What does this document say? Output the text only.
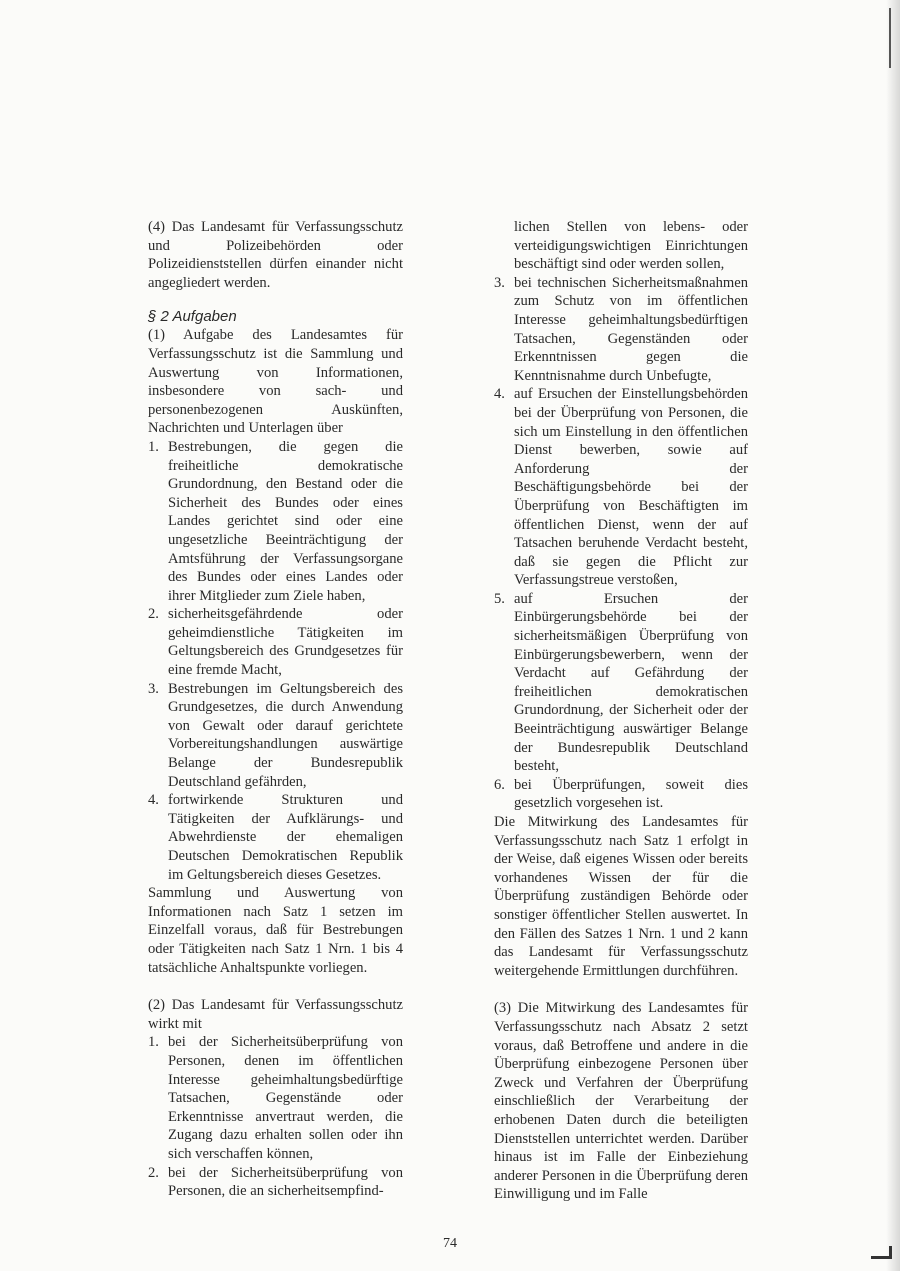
(4) Das Landesamt für Verfassungsschutz und Polizeibehörden oder Polizeidienststellen dürfen einander nicht angegliedert werden.

§ 2 Aufgaben

(1) Aufgabe des Landesamtes für Verfassungsschutz ist die Sammlung und Auswertung von Informationen, insbesondere von sach- und personenbezogenen Auskünften, Nachrichten und Unterlagen über

1. Bestrebungen, die gegen die freiheitliche demokratische Grundordnung, den Bestand oder die Sicherheit des Bundes oder eines Landes gerichtet sind oder eine ungesetzliche Beeinträchtigung der Amtsführung der Verfassungsorgane des Bundes oder eines Landes oder ihrer Mitglieder zum Ziele haben,
2. sicherheitsgefährdende oder geheimdienstliche Tätigkeiten im Geltungsbereich des Grundgesetzes für eine fremde Macht,
3. Bestrebungen im Geltungsbereich des Grundgesetzes, die durch Anwendung von Gewalt oder darauf gerichtete Vorbereitungshandlungen auswärtige Belange der Bundesrepublik Deutschland gefährden,
4. fortwirkende Strukturen und Tätigkeiten der Aufklärungs- und Abwehrdienste der ehemaligen Deutschen Demokratischen Republik im Geltungsbereich dieses Gesetzes.

Sammlung und Auswertung von Informationen nach Satz 1 setzen im Einzelfall voraus, daß für Bestrebungen oder Tätigkeiten nach Satz 1 Nrn. 1 bis 4 tatsächliche Anhaltspunkte vorliegen.

(2) Das Landesamt für Verfassungsschutz wirkt mit

1. bei der Sicherheitsüberprüfung von Personen, denen im öffentlichen Interesse geheimhaltungsbedürftige Tatsachen, Gegenstände oder Erkenntnisse anvertraut werden, die Zugang dazu erhalten sollen oder ihn sich verschaffen können,
2. bei der Sicherheitsüberprüfung von Personen, die an sicherheitsempfind-

lichen Stellen von lebens- oder verteidigungswichtigen Einrichtungen beschäftigt sind oder werden sollen,

3. bei technischen Sicherheitsmaßnahmen zum Schutz von im öffentlichen Interesse geheimhaltungsbedürftigen Tatsachen, Gegenständen oder Erkenntnissen gegen die Kenntnisnahme durch Unbefugte,
4. auf Ersuchen der Einstellungsbehörden bei der Überprüfung von Personen, die sich um Einstellung in den öffentlichen Dienst bewerben, sowie auf Anforderung der Beschäftigungsbehörde bei der Überprüfung von Beschäftigten im öffentlichen Dienst, wenn der auf Tatsachen beruhende Verdacht besteht, daß sie gegen die Pflicht zur Verfassungstreue verstoßen,
5. auf Ersuchen der Einbürgerungsbehörde bei der sicherheitsmäßigen Überprüfung von Einbürgerungsbewerbern, wenn der Verdacht auf Gefährdung der freiheitlichen demokratischen Grundordnung, der Sicherheit oder der Beeinträchtigung auswärtiger Belange der Bundesrepublik Deutschland besteht,
6. bei Überprüfungen, soweit dies gesetzlich vorgesehen ist.

Die Mitwirkung des Landesamtes für Verfassungsschutz nach Satz 1 erfolgt in der Weise, daß eigenes Wissen oder bereits vorhandenes Wissen der für die Überprüfung zuständigen Behörde oder sonstiger öffentlicher Stellen auswertet. In den Fällen des Satzes 1 Nrn. 1 und 2 kann das Landesamt für Verfassungsschutz weitergehende Ermittlungen durchführen.

(3) Die Mitwirkung des Landesamtes für Verfassungsschutz nach Absatz 2 setzt voraus, daß Betroffene und andere in die Überprüfung einbezogene Personen über Zweck und Verfahren der Überprüfung einschließlich der Verarbeitung der erhobenen Daten durch die beteiligten Dienststellen unterrichtet werden. Darüber hinaus ist im Falle der Einbeziehung anderer Personen in die Überprüfung deren Einwilligung und im Falle

74
